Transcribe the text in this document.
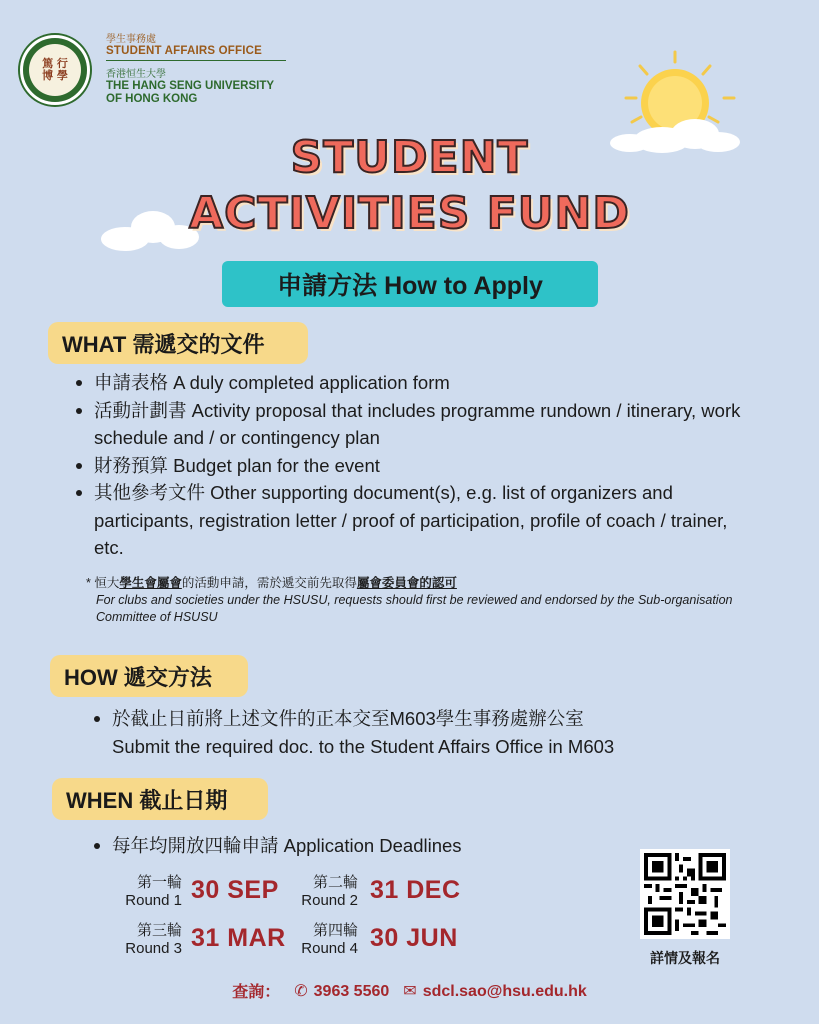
篤 行 博 學
學生事務處
STUDENT AFFAIRS OFFICE
香港恒生大學
THE HANG SENG UNIVERSITY
OF HONG KONG
STUDENT
ACTIVITIES FUND
申請方法 How to Apply
WHAT 需遞交的文件
申請表格 A duly completed application form
活動計劃書 Activity proposal that includes programme rundown / itinerary, work schedule and / or contingency plan
財務預算 Budget plan for the event
其他參考文件 Other supporting document(s), e.g. list of organizers and participants, registration letter / proof of participation, profile of coach / trainer, etc.
* 恒大學生會屬會的活動申請，需於遞交前先取得屬會委員會的認可
For clubs and societies under the HSUSU, requests should first be reviewed and endorsed by the Sub-organisation Committee of HSUSU
HOW 遞交方法
於截止日前將上述文件的正本交至M603學生事務處辦公室
Submit the required doc. to the Student Affairs Office in M603
WHEN 截止日期
每年均開放四輪申請 Application Deadlines
第一輪
Round 1 30 SEP	第二輪
Round 2 31 DEC
第三輪
Round 3 31 MAR	第四輪
Round 4 30 JUN
詳情及報名
查詢： ✆ 3963 5560 ✉ sdcl.sao@hsu.edu.hk
